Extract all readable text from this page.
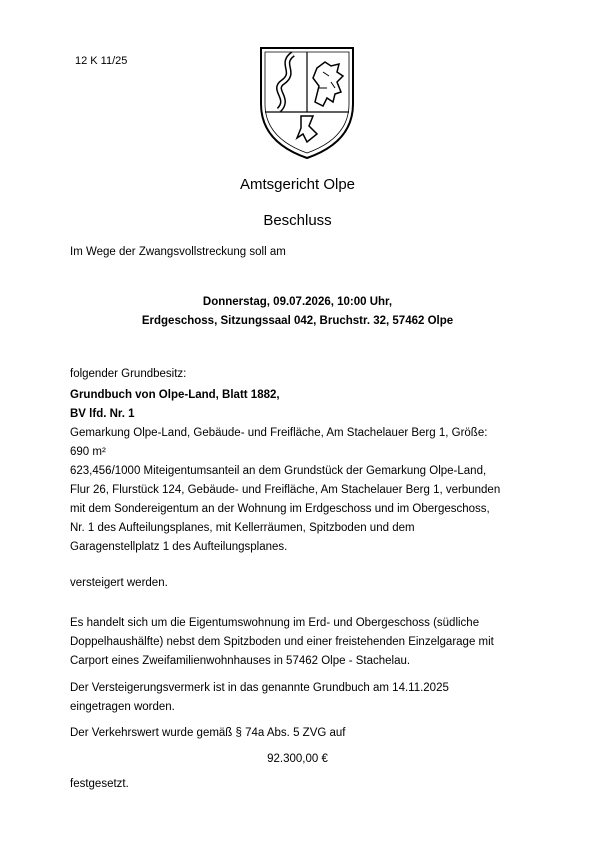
12 K 11/25
Amtsgericht Olpe
Beschluss
Im Wege der Zwangsvollstreckung soll am
Donnerstag, 09.07.2026, 10:00 Uhr,
Erdgeschoss, Sitzungssaal 042, Bruchstr. 32, 57462 Olpe
folgender Grundbesitz:
Grundbuch von Olpe-Land, Blatt 1882,
BV lfd. Nr. 1
Gemarkung Olpe-Land, Gebäude- und Freifläche, Am Stachelauer Berg 1, Größe:
690 m²
623,456/1000 Miteigentumsanteil an dem Grundstück der Gemarkung Olpe-Land,
Flur 26, Flurstück 124, Gebäude- und Freifläche, Am Stachelauer Berg 1, verbunden
mit dem Sondereigentum an der Wohnung im Erdgeschoss und im Obergeschoss,
Nr. 1 des Aufteilungsplanes, mit Kellerräumen, Spitzboden und dem
Garagenstellplatz 1 des Aufteilungsplanes.
versteigert werden.
Es handelt sich um die Eigentumswohnung im Erd- und Obergeschoss (südliche
Doppelhaushälfte) nebst dem Spitzboden und einer freistehenden Einzelgarage mit
Carport eines Zweifamilienwohnhauses in 57462 Olpe - Stachelau.
Der Versteigerungsvermerk ist in das genannte Grundbuch am 14.11.2025
eingetragen worden.
Der Verkehrswert wurde gemäß § 74a Abs. 5 ZVG auf
92.300,00 €
festgesetzt.
